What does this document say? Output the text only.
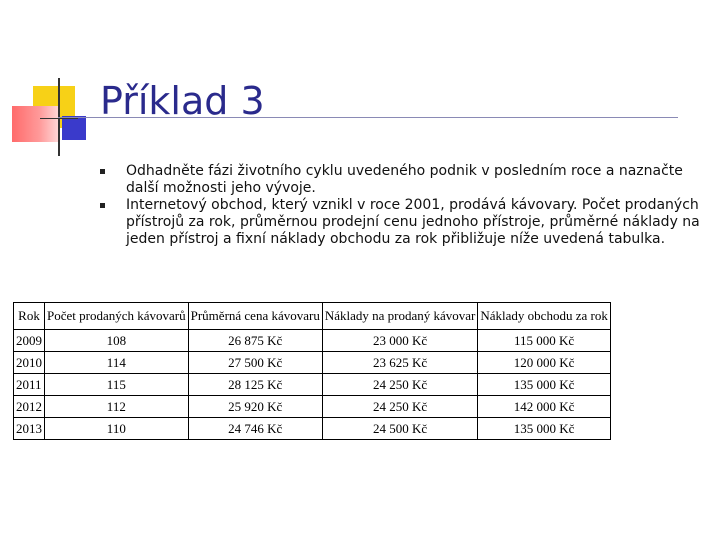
Příklad 3
Odhadněte fázi životního cyklu uvedeného podnik v posledním roce a naznačte další možnosti jeho vývoje.
Internetový obchod, který vznikl v roce 2001, prodává kávovary. Počet prodaných přístrojů za rok, průměrnou prodejní cenu jednoho přístroje, průměrné náklady na jeden přístroj a fixní náklady obchodu za rok přibližuje níže uvedená tabulka.
Rok	Počet prodaných kávovarů	Průměrná cena kávovaru	Náklady na prodaný kávovar	Náklady obchodu za rok
2009	108	26 875 Kč	23 000 Kč	115 000 Kč
2010	114	27 500 Kč	23 625 Kč	120 000 Kč
2011	115	28 125 Kč	24 250 Kč	135 000 Kč
2012	112	25 920 Kč	24 250 Kč	142 000 Kč
2013	110	24 746 Kč	24 500 Kč	135 000 Kč
